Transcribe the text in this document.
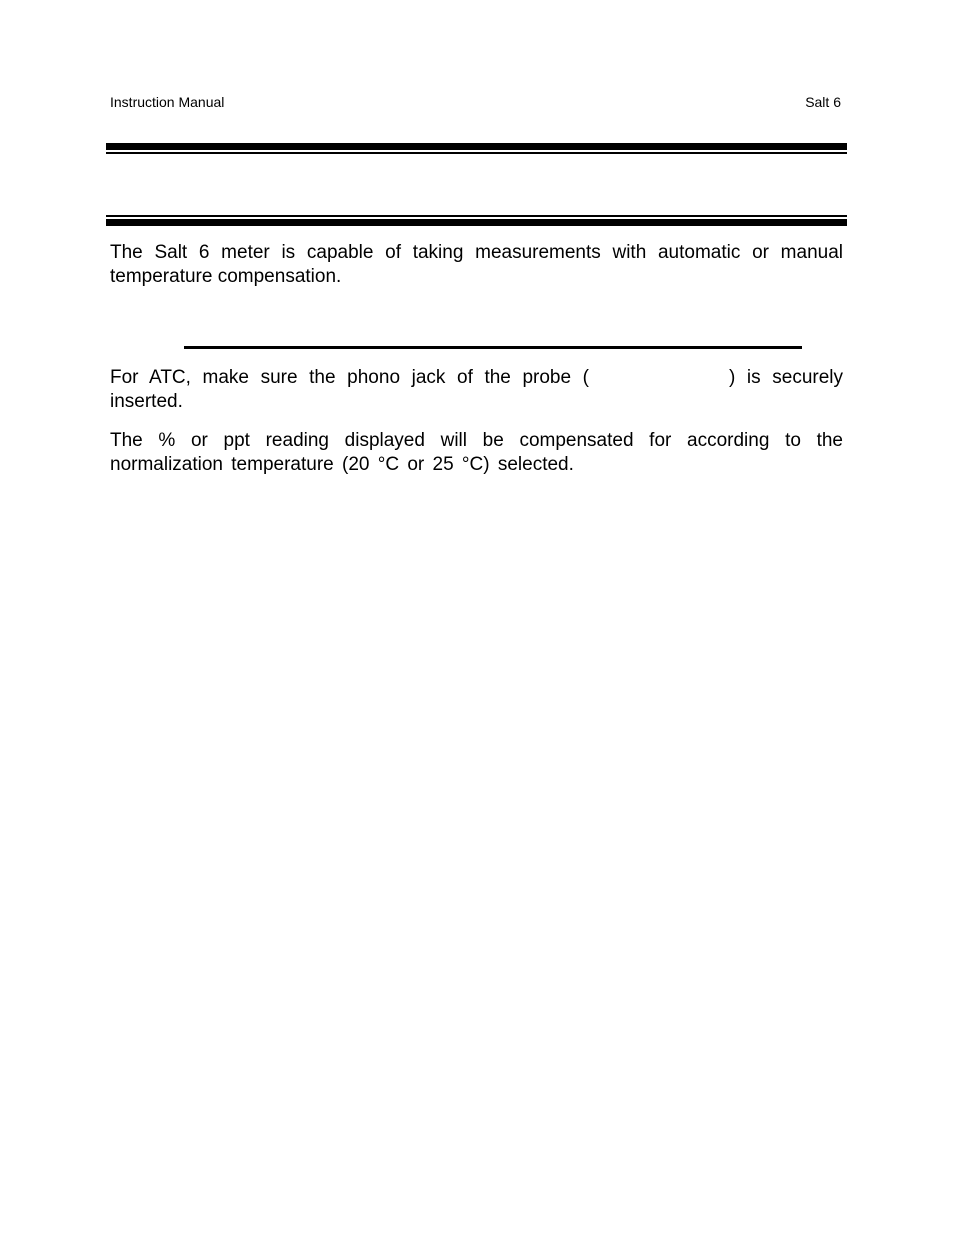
Instruction Manual	Salt 6

The Salt 6 meter is capable of taking measurements with automatic or manual temperature compensation.

For ATC, make sure the phono jack of the probe (	) is securely inserted.

The % or ppt reading displayed will be compensated for according to the normalization temperature (20 °C or 25 °C) selected.
